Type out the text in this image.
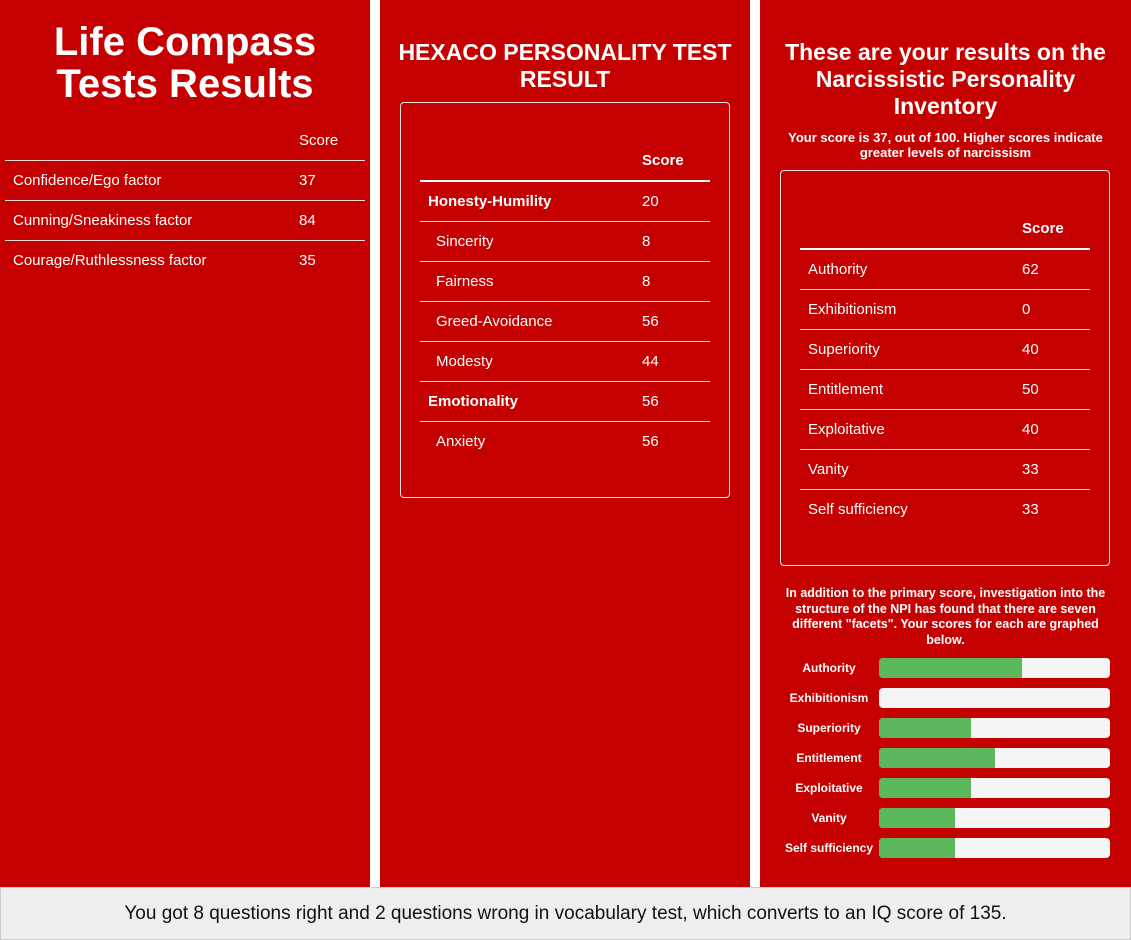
Life Compass
Tests Results
	Score
Confidence/Ego factor	37
Cunning/Sneakiness factor	84
Courage/Ruthlessness factor	35
HEXACO PERSONALITY TEST RESULT
	Score
Honesty-Humility	20
Sincerity	8
Fairness	8
Greed-Avoidance	56
Modesty	44
Emotionality	56
Anxiety	56
These are your results on the Narcissistic Personality Inventory
Your score is 37, out of 100. Higher scores indicate greater levels of narcissism
	Score
Authority	62
Exhibitionism	0
Superiority	40
Entitlement	50
Exploitative	40
Vanity	33
Self sufficiency	33
In addition to the primary score, investigation into the structure of the NPI has found that there are seven different "facets". Your scores for each are graphed below.
Authority
Exhibitionism
Superiority
Entitlement
Exploitative
Vanity
Self sufficiency
You got 8 questions right and 2 questions wrong in vocabulary test, which converts to an IQ score of 135.
